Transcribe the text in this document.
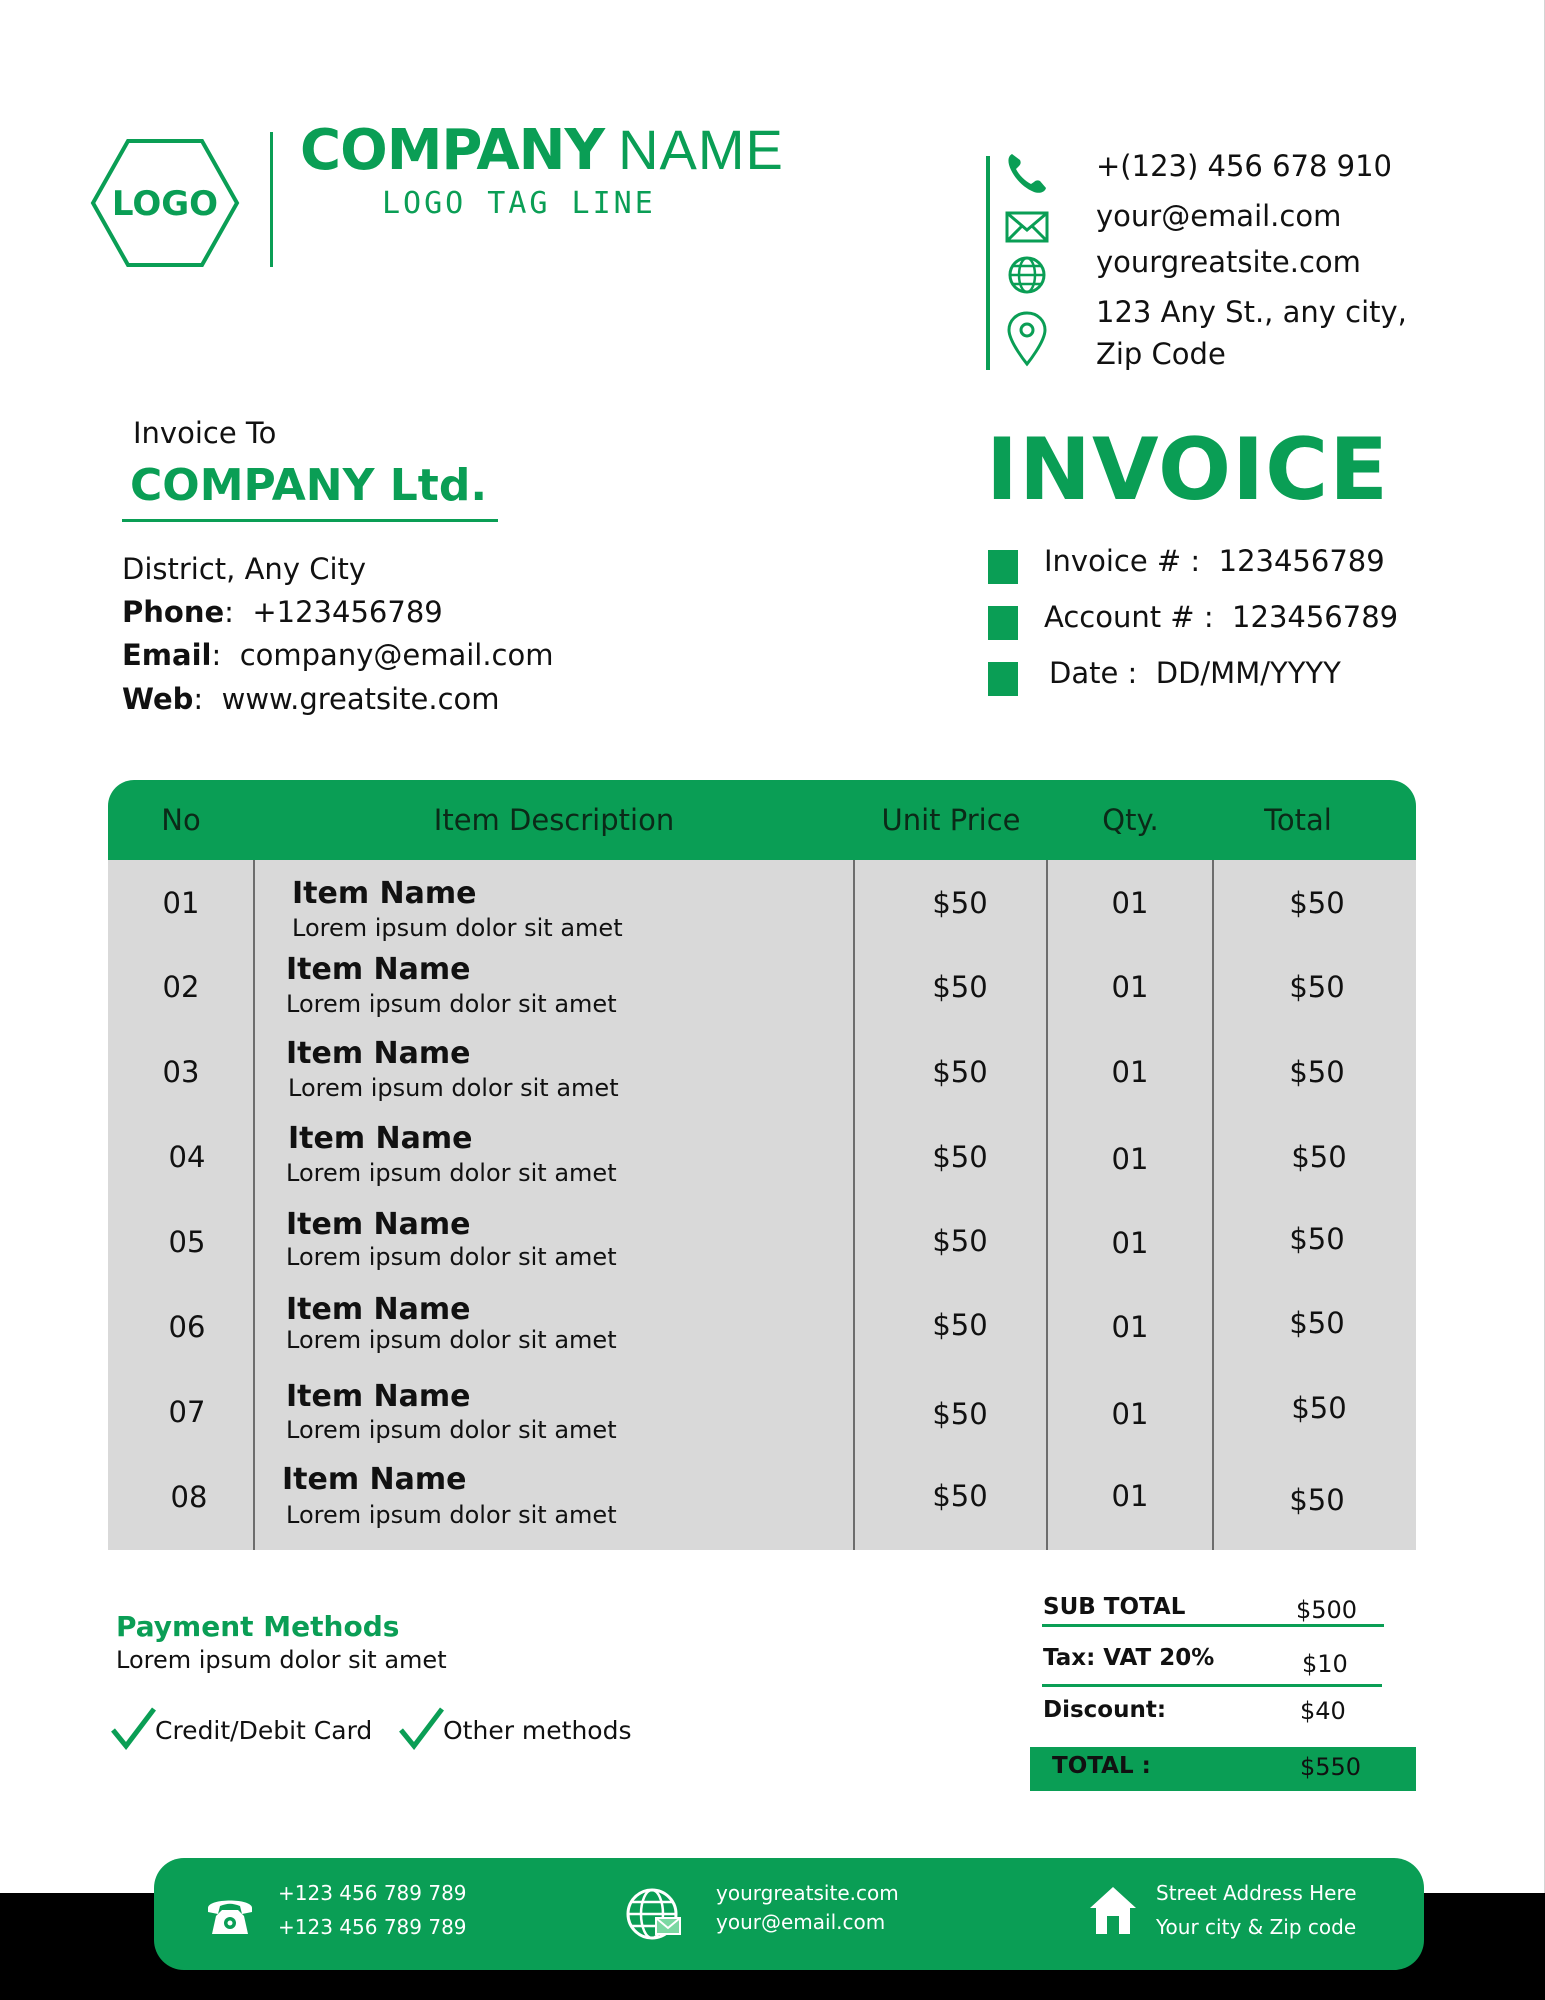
LOGO
COMPANY NAME
LOGO TAG LINE
+(123) 456 678 910
your@email.com
yourgreatsite.com
123 Any St., any city,
Zip Code
Invoice To
COMPANY Ltd.
District, Any City
Phone:  +123456789
Email:  company@email.com
Web:  www.greatsite.com
INVOICE
Invoice # : 123456789
Account # : 123456789
Date : DD/MM/YYYY
No	Item Description	Unit Price	Qty.	Total
01	Item Name
Lorem ipsum dolor sit amet
$50	01	$50
02	Item Name
Lorem ipsum dolor sit amet	$50	01	$50
03
Item Name
Lorem ipsum dolor sit amet	$50	01	$50
04
Item Name
Lorem ipsum dolor sit amet	$50	01	$50
05	Item Name
Lorem ipsum dolor sit amet	$50	01	$50
06	Item Name
Lorem ipsum dolor sit amet	$50	01	$50
07	Item Name
Lorem ipsum dolor sit amet	$50	01	$50
08	Item Name
Lorem ipsum dolor sit amet
$50	01	$50
Payment Methods
Lorem ipsum dolor sit amet
Credit/Debit Card	Other methods
SUB TOTAL	$500
Tax: VAT 20%	$10
Discount:	$40
TOTAL :	$550
+123 456 789 789
+123 456 789 789
yourgreatsite.com
your@email.com
Street Address Here
Your city & Zip code
